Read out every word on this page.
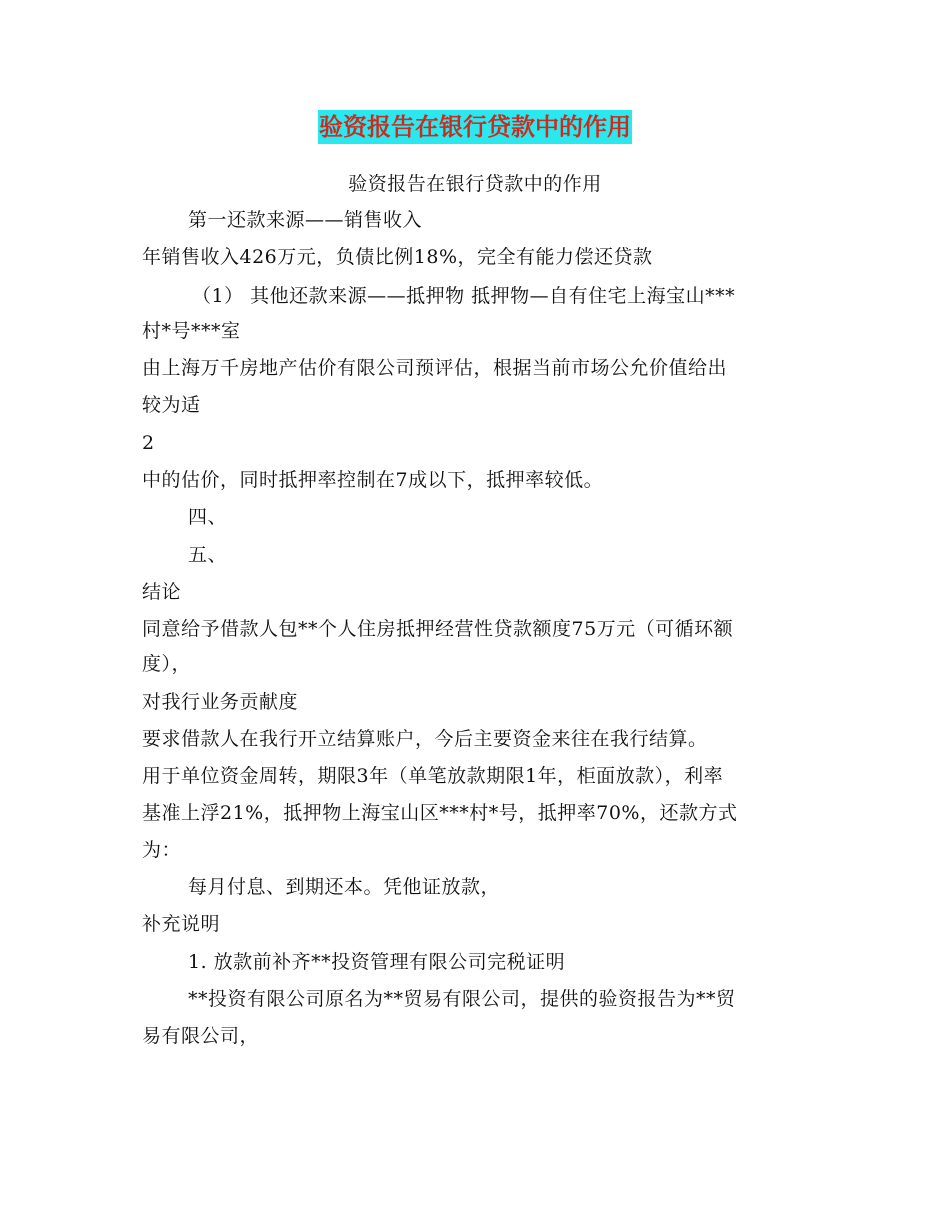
验资报告在银行贷款中的作用
验资报告在银行贷款中的作用
第一还款来源——销售收入
年销售收入426万元，负债比例18%，完全有能力偿还贷款
（1） 其他还款来源——抵押物 抵押物—自有住宅上海宝山***
村*号***室
由上海万千房地产估价有限公司预评估，根据当前市场公允价值给出
较为适
2
中的估价，同时抵押率控制在7成以下，抵押率较低。
四、
五、
结论
同意给予借款人包**个人住房抵押经营性贷款额度75万元（可循环额
度），
对我行业务贡献度
要求借款人在我行开立结算账户，今后主要资金来往在我行结算。
用于单位资金周转，期限3年（单笔放款期限1年，柜面放款），利率
基准上浮21%，抵押物上海宝山区***村*号，抵押率70%，还款方式
为：
每月付息、到期还本。凭他证放款，
补充说明
1. 放款前补齐**投资管理有限公司完税证明
**投资有限公司原名为**贸易有限公司，提供的验资报告为**贸
易有限公司，
